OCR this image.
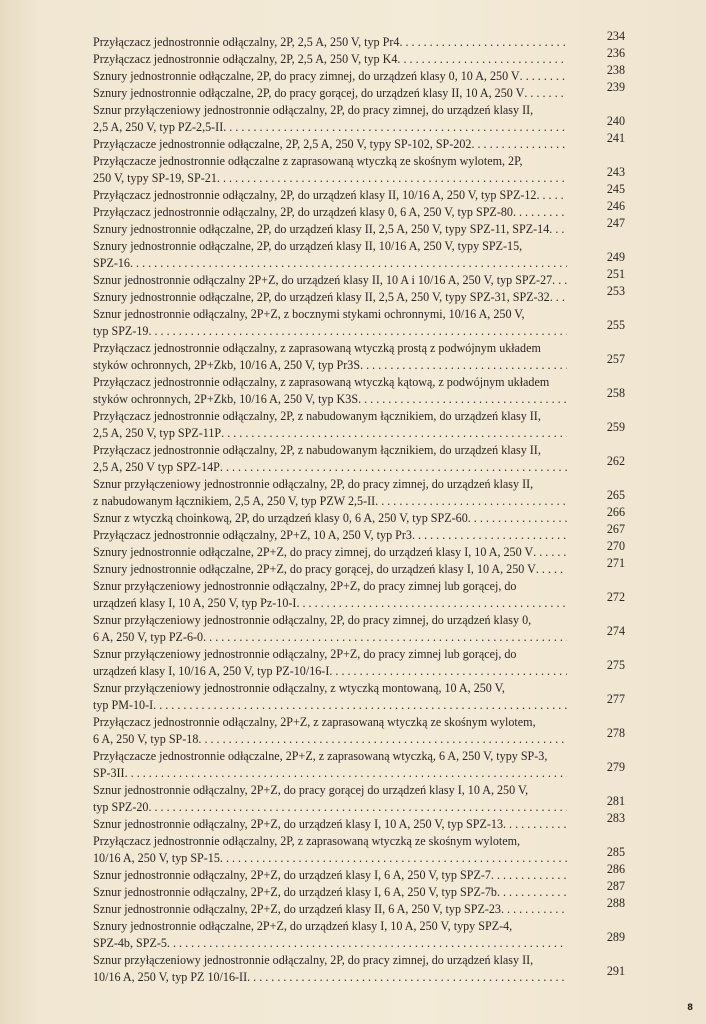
Przyłączacz jednostronnie odłączalny, 2P, 2,5 A, 250 V, typ Pr4 . . .	234
Przyłączacz jednostronnie odłączalny, 2P, 2,5 A, 250 V, typ K4 . . .	236
Sznury jednostronnie odłączalne, 2P, do pracy zimnej, do urządzeń klasy 0, 10 A, 250 V . . .	238
Sznury jednostronnie odłączalne, 2P, do pracy gorącej, do urządzeń klasy II, 10 A, 250 V . . .	239
Sznur przyłączeniowy jednostronnie odłączalny, 2P, do pracy zimnej, do urządzeń klasy II,
2,5 A, 250 V, typ PZ-2,5-II . . .	240
Przyłączacze jednostronnie odłączalne, 2P, 2,5 A, 250 V, typy SP-102, SP-202 . . .	241
Przyłączacze jednostronnie odłączalne z zaprasowaną wtyczką ze skośnym wylotem, 2P,
250 V, typy SP-19, SP-21 . . .	243
Przyłączacz jednostronnie odłączalny, 2P, do urządzeń klasy II, 10/16 A, 250 V, typ SPZ-12 . . .	245
Przyłączacz jednostronnie odłączalny, 2P, do urządzeń klasy 0, 6 A, 250 V, typ SPZ-80 . . .	246
Sznury jednostronnie odłączalne, 2P, do urządzeń klasy II, 2,5 A, 250 V, typy SPZ-11, SPZ-14 . . .	247
Sznury jednostronnie odłączalne, 2P, do urządzeń klasy II, 10/16 A, 250 V, typy SPZ-15,
SPZ-16 . . .	249
Sznur jednostronnie odłączalny 2P+Z, do urządzeń klasy II, 10 A i 10/16 A, 250 V, typ SPZ-27 . . .	251
Sznury jednostronnie odłączalne, 2P, do urządzeń klasy II, 2,5 A, 250 V, typy SPZ-31, SPZ-32 . . .	253
Sznur jednostronnie odłączalny, 2P+Z, z bocznymi stykami ochronnymi, 10/16 A, 250 V,
typ SPZ-19 . . .	255
Przyłączacz jednostronnie odłączalny, z zaprasowaną wtyczką prostą z podwójnym układem
styków ochronnych, 2P+Zkb, 10/16 A, 250 V, typ Pr3S . . .	257
Przyłączacz jednostronnie odłączalny, z zaprasowaną wtyczką kątową, z podwójnym układem
styków ochronnych, 2P+Zkb, 10/16 A, 250 V, typ K3S . . .	258
Przyłączacz jednostronnie odłączalny, 2P, z nabudowanym łącznikiem, do urządzeń klasy II,
2,5 A, 250 V, typ SPZ-11P . . .	259
Przyłączacz jednostronnie odłączalny, 2P, z nabudowanym łącznikiem, do urządzeń klasy II,
2,5 A, 250 V typ SPZ-14P . . .	262
Sznur przyłączeniowy jednostronnie odłączalny, 2P, do pracy zimnej, do urządzeń klasy II,
z nabudowanym łącznikiem, 2,5 A, 250 V, typ PZW 2,5-II . . .	265
Sznur z wtyczką choinkową, 2P, do urządzeń klasy 0, 6 A, 250 V, typ SPZ-60 . . .	266
Przyłączacz jednostronnie odłączalny, 2P+Z, 10 A, 250 V, typ Pr3 . . .	267
Sznury jednostronnie odłączalne, 2P+Z, do pracy zimnej, do urządzeń klasy I, 10 A, 250 V . . .	270
Sznury jednostronnie odłączalne, 2P+Z, do pracy gorącej, do urządzeń klasy I, 10 A, 250 V . . .	271
Sznur przyłączeniowy jednostronnie odłączalny, 2P+Z, do pracy zimnej lub gorącej, do
urządzeń klasy I, 10 A, 250 V, typ Pz-10-I . . .	272
Sznur przyłączeniowy jednostronnie odłączalny, 2P, do pracy zimnej, do urządzeń klasy 0,
6 A, 250 V, typ PZ-6-0 . . .	274
Sznur przyłączeniowy jednostronnie odłączalny, 2P+Z, do pracy zimnej lub gorącej, do
urządzeń klasy I, 10/16 A, 250 V, typ PZ-10/16-I . . .	275
Sznur przyłączeniowy jednostronnie odłączalny, z wtyczką montowaną, 10 A, 250 V,
typ PM-10-I . . .	277
Przyłączacz jednostronnie odłączalny, 2P+Z, z zaprasowaną wtyczką ze skośnym wylotem,
6 A, 250 V, typ SP-18 . . .	278
Przyłączacze jednostronnie odłączalne, 2P+Z, z zaprasowaną wtyczką, 6 A, 250 V, typy SP-3,
SP-3II . . .	279
Sznur jednostronnie odłączalny, 2P+Z, do pracy gorącej do urządzeń klasy I, 10 A, 250 V,
typ SPZ-20 . . .	281
Sznur jednostronnie odłączalny, 2P+Z, do urządzeń klasy I, 10 A, 250 V, typ SPZ-13 . . .	283
Przyłączacz jednostronnie odłączalny, 2P, z zaprasowaną wtyczką ze skośnym wylotem,
10/16 A, 250 V, typ SP-15 . . .	285
Sznur jednostronnie odłączalny, 2P+Z, do urządzeń klasy I, 6 A, 250 V, typ SPZ-7 . . .	286
Sznur jednostronnie odłączalny, 2P+Z, do urządzeń klasy I, 6 A, 250 V, typ SPZ-7b . . .	287
Sznur jednostronnie odłączalny, 2P+Z, do urządzeń klasy II, 6 A, 250 V, typ SPZ-23 . . .	288
Sznury jednostronnie odłączalne, 2P+Z, do urządzeń klasy I, 10 A, 250 V, typy SPZ-4,
SPZ-4b, SPZ-5 . . .	289
Sznur przyłączeniowy jednostronnie odłączalny, 2P, do pracy zimnej, do urządzeń klasy II,
10/16 A, 250 V, typ PZ 10/16-II . . .	291
8
